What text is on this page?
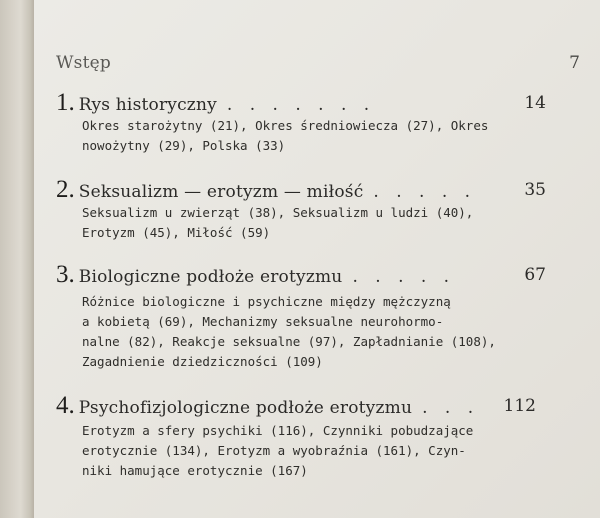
Wstęp	7
1. Rys historyczny . . . . . . .	14
Okres starożytny (21), Okres średniowiecza (27), Okres
nowożytny (29), Polska (33)
2. Seksualizm — erotyzm — miłość . . . . .	35
Seksualizm u zwierząt (38), Seksualizm u ludzi (40),
Erotyzm (45), Miłość (59)
3. Biologiczne podłoże erotyzmu . . . . .	67
Różnice biologiczne i psychiczne między mężczyzną
a kobietą (69), Mechanizmy seksualne neurohormo-
nalne (82), Reakcje seksualne (97), Zapładnianie (108),
Zagadnienie dziedziczności (109)
4. Psychofizjologiczne podłoże erotyzmu . . . 112
Erotyzm a sfery psychiki (116), Czynniki pobudzające
erotycznie (134), Erotyzm a wyobraźnia (161), Czyn-
niki hamujące erotycznie (167)
